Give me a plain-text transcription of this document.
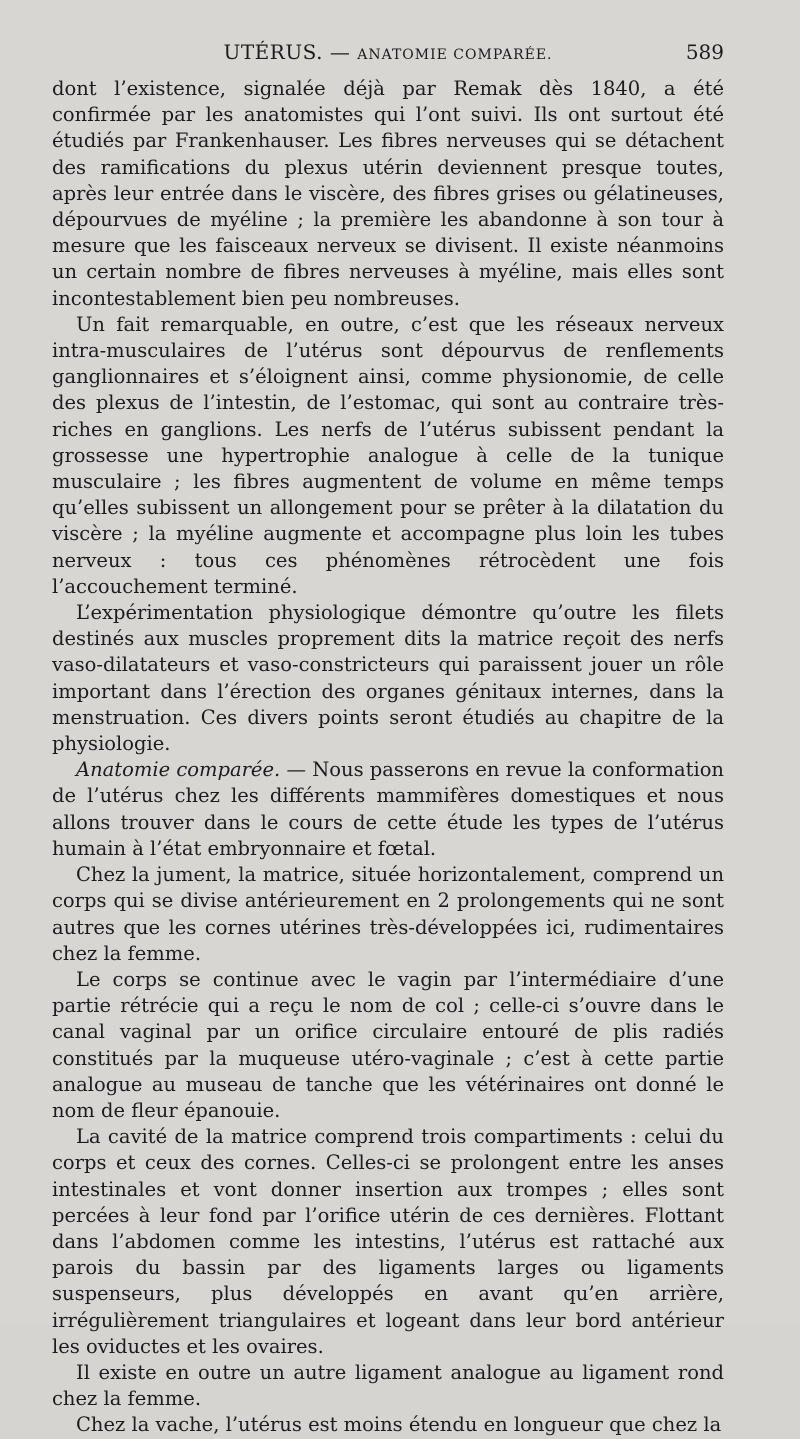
UTÉRUS. — ANATOMIE COMPARÉE.	589

dont l’existence, signalée déjà par Remak dès 1840, a été confirmée par les anatomistes qui l’ont suivi. Ils ont surtout été étudiés par Frankenhauser. Les fibres nerveuses qui se détachent des ramifications du plexus utérin deviennent presque toutes, après leur entrée dans le viscère, des fibres grises ou gélatineuses, dépourvues de myéline ; la première les abandonne à son tour à mesure que les faisceaux nerveux se divisent. Il existe néanmoins un certain nombre de fibres nerveuses à myéline, mais elles sont incontestablement bien peu nombreuses.

Un fait remarquable, en outre, c’est que les réseaux nerveux intra-musculaires de l’utérus sont dépourvus de renflements ganglionnaires et s’éloignent ainsi, comme physionomie, de celle des plexus de l’intestin, de l’estomac, qui sont au contraire très-riches en ganglions. Les nerfs de l’utérus subissent pendant la grossesse une hypertrophie analogue à celle de la tunique musculaire ; les fibres augmentent de volume en même temps qu’elles subissent un allongement pour se prêter à la dilatation du viscère ; la myéline augmente et accompagne plus loin les tubes nerveux : tous ces phénomènes rétrocèdent une fois l’accouchement terminé.

L’expérimentation physiologique démontre qu’outre les filets destinés aux muscles proprement dits la matrice reçoit des nerfs vaso-dilatateurs et vaso-constricteurs qui paraissent jouer un rôle important dans l’érection des organes génitaux internes, dans la menstruation. Ces divers points seront étudiés au chapitre de la physiologie.

Anatomie comparée. — Nous passerons en revue la conformation de l’utérus chez les différents mammifères domestiques et nous allons trouver dans le cours de cette étude les types de l’utérus humain à l’état embryonnaire et fœtal.

Chez la jument, la matrice, située horizontalement, comprend un corps qui se divise antérieurement en 2 prolongements qui ne sont autres que les cornes utérines très-développées ici, rudimentaires chez la femme.

Le corps se continue avec le vagin par l’intermédiaire d’une partie rétrécie qui a reçu le nom de col ; celle-ci s’ouvre dans le canal vaginal par un orifice circulaire entouré de plis radiés constitués par la muqueuse utéro-vaginale ; c’est à cette partie analogue au museau de tanche que les vétérinaires ont donné le nom de fleur épanouie.

La cavité de la matrice comprend trois compartiments : celui du corps et ceux des cornes. Celles-ci se prolongent entre les anses intestinales et vont donner insertion aux trompes ; elles sont percées à leur fond par l’orifice utérin de ces dernières. Flottant dans l’abdomen comme les intestins, l’utérus est rattaché aux parois du bassin par des ligaments larges ou ligaments suspenseurs, plus développés en avant qu’en arrière, irrégulièrement triangulaires et logeant dans leur bord antérieur les oviductes et les ovaires.

Il existe en outre un autre ligament analogue au ligament rond chez la femme.

Chez la vache, l’utérus est moins étendu en longueur que chez la
